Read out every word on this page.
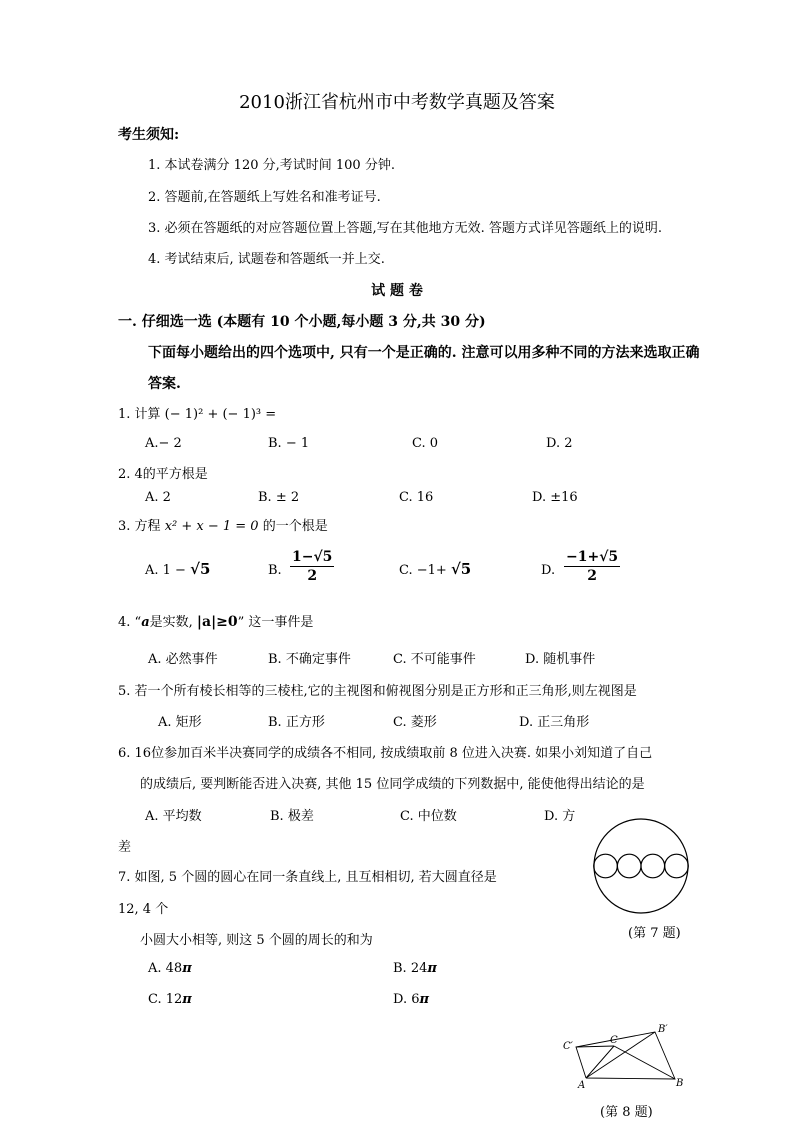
2010浙江省杭州市中考数学真题及答案
考生须知:
1. 本试卷满分 120 分,考试时间 100 分钟.
2. 答题前,在答题纸上写姓名和准考证号.
3. 必须在答题纸的对应答题位置上答题,写在其他地方无效. 答题方式详见答题纸上的说明.
4. 考试结束后, 试题卷和答题纸一并上交.
试 题 卷
一. 仔细选一选 (本题有 10 个小题,每小题 3 分,共 30 分)
下面每小题给出的四个选项中, 只有一个是正确的. 注意可以用多种不同的方法来选取正确
答案.
1. 计算 (− 1)² + (− 1)³ =
A.− 2	B. − 1	C. 0	D. 2
2. 4的平方根是
A. 2	B. ± 2	C. 16	D. ±16
3. 方程 x² + x − 1 = 0 的一个根是
A. 1 − √5	B. $\frac{1-√5}{2}$	C. −1+ √5	D. $\frac{-1+√5}{2}$
4. “a是实数, |a|≥0” 这一事件是
A. 必然事件	B. 不确定事件	C. 不可能事件	D. 随机事件
5. 若一个所有棱长相等的三棱柱,它的主视图和俯视图分别是正方形和正三角形,则左视图是
A. 矩形	B. 正方形	C. 菱形	D. 正三角形
6. 16位参加百米半决赛同学的成绩各不相同, 按成绩取前 8 位进入决赛. 如果小刘知道了自己
的成绩后, 要判断能否进入决赛, 其他 15 位同学成绩的下列数据中, 能使他得出结论的是
A. 平均数	B. 极差	C. 中位数	D. 方
差
7. 如图, 5 个圆的圆心在同一条直线上, 且互相相切, 若大圆直径是
12, 4 个
小圆大小相等, 则这 5 个圆的周长的和为
A. 48π	B. 24π
C. 12π	D. 6π
(第 7 题)
C′
C
B′
A	B
(第 8 题)
